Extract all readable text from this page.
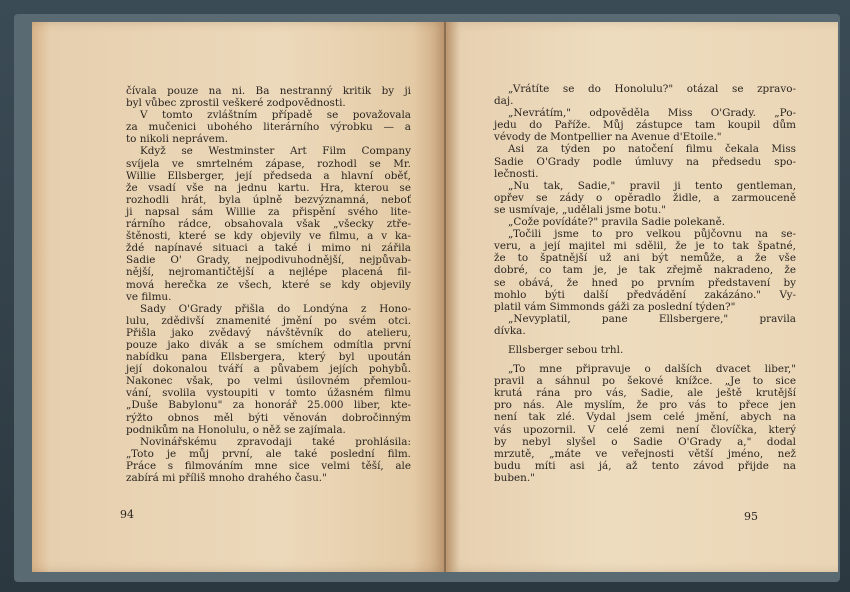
čívala pouze na ni. Ba nestranný kritik by ji
byl vůbec zprostil veškeré zodpovědnosti.
V tomto zvláštním případě se považovala
za mučenici ubohého literárního výrobku — a
to nikoli neprávem.
Když se Westminster Art Film Company
svíjela ve smrtelném zápase, rozhodl se Mr.
Willie Ellsberger, její předseda a hlavní oběť,
že vsadí vše na jednu kartu. Hra, kterou se
rozhodli hrát, byla úplně bezvýznamná, neboť
ji napsal sám Willie za přispění svého lite-
rárního rádce, obsahovala však „všecky ztře-
štěnosti, které se kdy objevily ve filmu, a v ka-
ždé napínavé situaci a také i mimo ni zářila
Sadie O' Grady, nejpodivuhodnější, nejpůvab-
nější, nejromantičtější a nejlépe placená fil-
mová herečka ze všech, které se kdy objevily
ve filmu.
Sady O'Grady přišla do Londýna z Hono-
lulu, zdědivší znamenité jmění po svém otci.
Přišla jako zvědavý návštěvník do atelieru,
pouze jako divák a se smíchem odmítla první
nabídku pana Ellsbergera, který byl upoután
její dokonalou tváří a půvabem jejích pohybů.
Nakonec však, po velmi úsilovném přemlou-
vání, svolila vystoupiti v tomto úžasném filmu
„Duše Babylonu" za honorář 25.000 liber, kte-
rýžto obnos měl býti věnován dobročinným
podnikům na Honolulu, o něž se zajímala.
Novinářskému zpravodaji také prohlásila:
„Toto je můj první, ale také poslední film.
Práce s filmováním mne sice velmi těší, ale
zabírá mi příliš mnoho drahého času."
94
„Vrátíte se do Honolulu?" otázal se zpravo-
daj.
„Nevrátím," odpověděla Miss O'Grady. „Po-
jedu do Paříže. Můj zástupce tam koupil dům
vévody de Montpellier na Avenue d'Etoile."
Asi za týden po natočení filmu čekala Miss
Sadie O'Grady podle úmluvy na předsedu spo-
lečnosti.
„Nu tak, Sadie," pravil ji tento gentleman,
opřev se zády o opěradlo židle, a zarmouceně
se usmívaje, „udělali jsme botu."
„Cože povídáte?" pravila Sadie polekaně.
„Točili jsme to pro velkou půjčovnu na se-
veru, a její majitel mi sdělil, že je to tak špatné,
že to špatnější už ani být nemůže, a že vše
dobré, co tam je, je tak zřejmě nakradeno, že
se obává, že hned po prvním představení by
mohlo býti další předvádění zakázáno." Vy-
platil vám Simmonds gáži za poslední týden?"
„Nevyplatil, pane Ellsbergere," pravila
dívka.
Ellsberger sebou trhl.
„To mne připravuje o dalších dvacet liber,"
pravil a sáhnul po šekové knížce. „Je to sice
krutá rána pro vás, Sadie, ale ještě krutější
pro nás. Ale myslím, že pro vás to přece jen
není tak zlé. Vydal jsem celé jmění, abych na
vás upozornil. V celé zemi není človíčka, který
by nebyl slyšel o Sadie O'Grady a," dodal
mrzutě, „máte ve veřejnosti větší jméno, než
budu míti asi já, až tento závod přijde na
buben."
95
